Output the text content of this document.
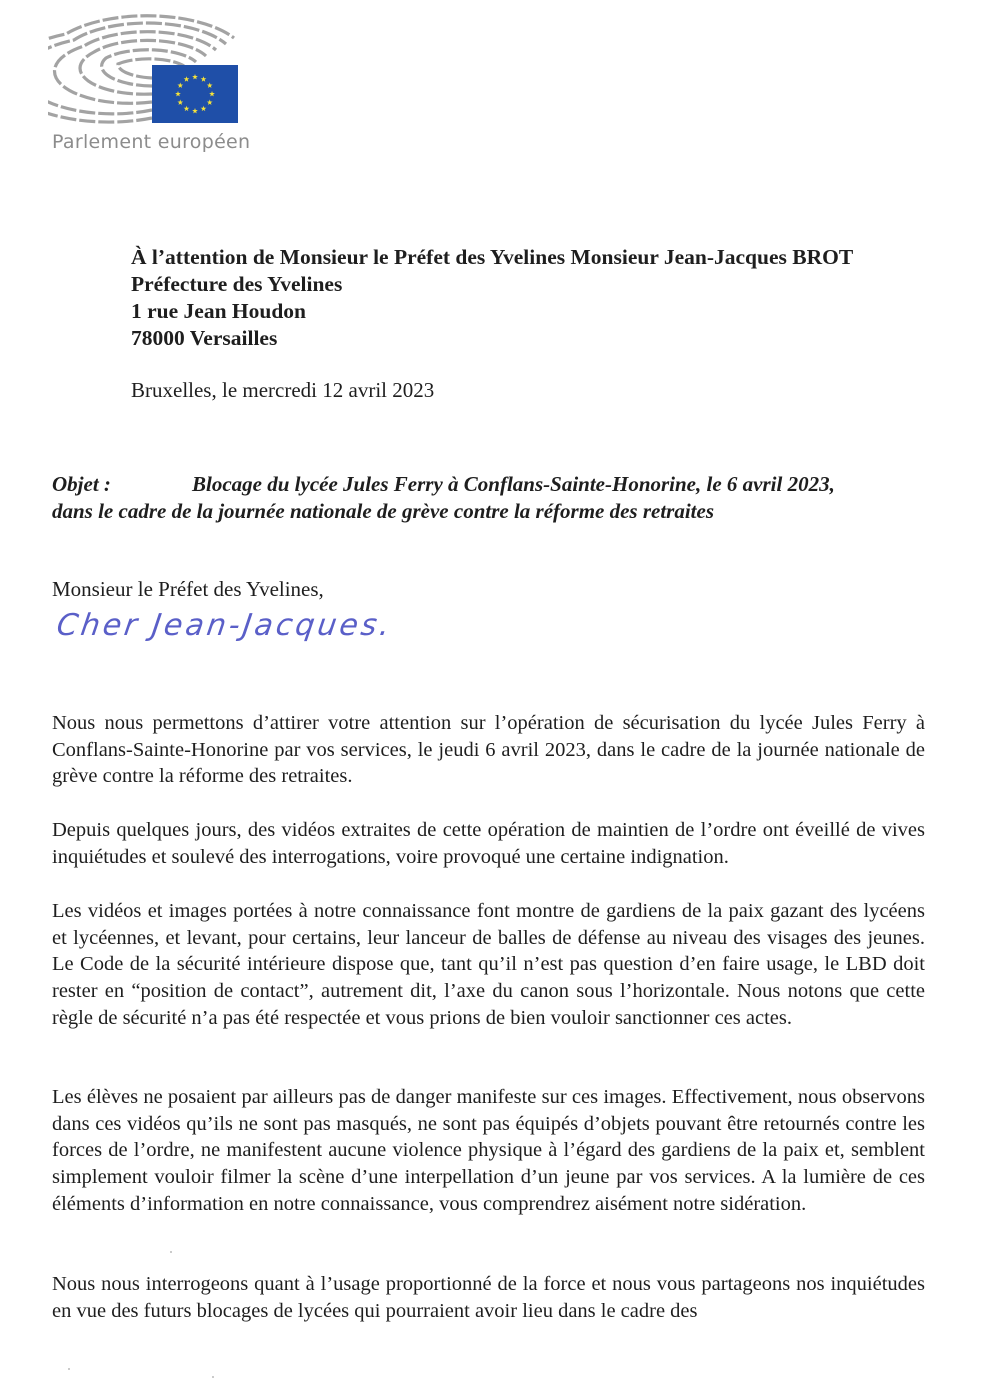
Parlement européen
À l’attention de Monsieur le Préfet des Yvelines Monsieur Jean-Jacques BROT
Préfecture des Yvelines
1 rue Jean Houdon
78000 Versailles
Bruxelles, le mercredi 12 avril 2023
Objet :	Blocage du lycée Jules Ferry à Conflans-Sainte-Honorine, le 6 avril 2023,
dans le cadre de la journée nationale de grève contre la réforme des retraites
Monsieur le Préfet des Yvelines,
Cher Jean-Jacques.
Nous nous permettons d’attirer votre attention sur l’opération de sécurisation du lycée Jules Ferry à Conflans-Sainte-Honorine par vos services, le jeudi 6 avril 2023, dans le cadre de la journée nationale de grève contre la réforme des retraites.
Depuis quelques jours, des vidéos extraites de cette opération de maintien de l’ordre ont éveillé de vives inquiétudes et soulevé des interrogations, voire provoqué une certaine indignation.
Les vidéos et images portées à notre connaissance font montre de gardiens de la paix gazant des lycéens et lycéennes, et levant, pour certains, leur lanceur de balles de défense au niveau des visages des jeunes. Le Code de la sécurité intérieure dispose que, tant qu’il n’est pas question d’en faire usage, le LBD doit rester en “position de contact”, autrement dit, l’axe du canon sous l’horizontale. Nous notons que cette règle de sécurité n’a pas été respectée et vous prions de bien vouloir sanctionner ces actes.
Les élèves ne posaient par ailleurs pas de danger manifeste sur ces images. Effectivement, nous observons dans ces vidéos qu’ils ne sont pas masqués, ne sont pas équipés d’objets pouvant être retournés contre les forces de l’ordre, ne manifestent aucune violence physique à l’égard des gardiens de la paix et, semblent simplement vouloir filmer la scène d’une interpellation d’un jeune par vos services. A la lumière de ces éléments d’information en notre connaissance, vous comprendrez aisément notre sidération.
Nous nous interrogeons quant à l’usage proportionné de la force et nous vous partageons nos inquiétudes en vue des futurs blocages de lycées qui pourraient avoir lieu dans le cadre des
